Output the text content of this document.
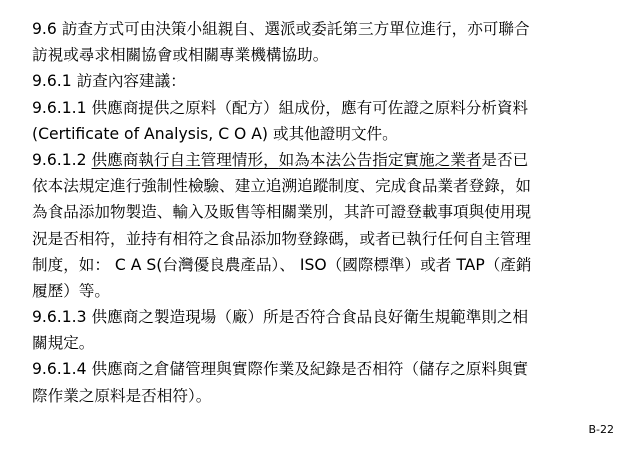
9.6 訪查方式可由決策小組親自、選派或委託第三方單位進行，亦可聯合
訪視或尋求相關協會或相關專業機構協助。
9.6.1 訪查內容建議：
9.6.1.1 供應商提供之原料（配方）組成份，應有可佐證之原料分析資料
(Certificate of Analysis, C O A) 或其他證明文件。
9.6.1.2 供應商執行自主管理情形，如為本法公告指定實施之業者是否已
依本法規定進行強制性檢驗、建立追溯追蹤制度、完成食品業者登錄，如
為食品添加物製造、輸入及販售等相關業別，其許可證登載事項與使用現
況是否相符，並持有相符之食品添加物登錄碼，或者已執行任何自主管理
制度，如： C A S(台灣優良農產品）、 ISO（國際標準）或者 TAP（產銷
履歷）等。
9.6.1.3 供應商之製造現場（廠）所是否符合食品良好衛生規範準則之相
關規定。
9.6.1.4 供應商之倉儲管理與實際作業及紀錄是否相符（儲存之原料與實
際作業之原料是否相符）。
B-22
